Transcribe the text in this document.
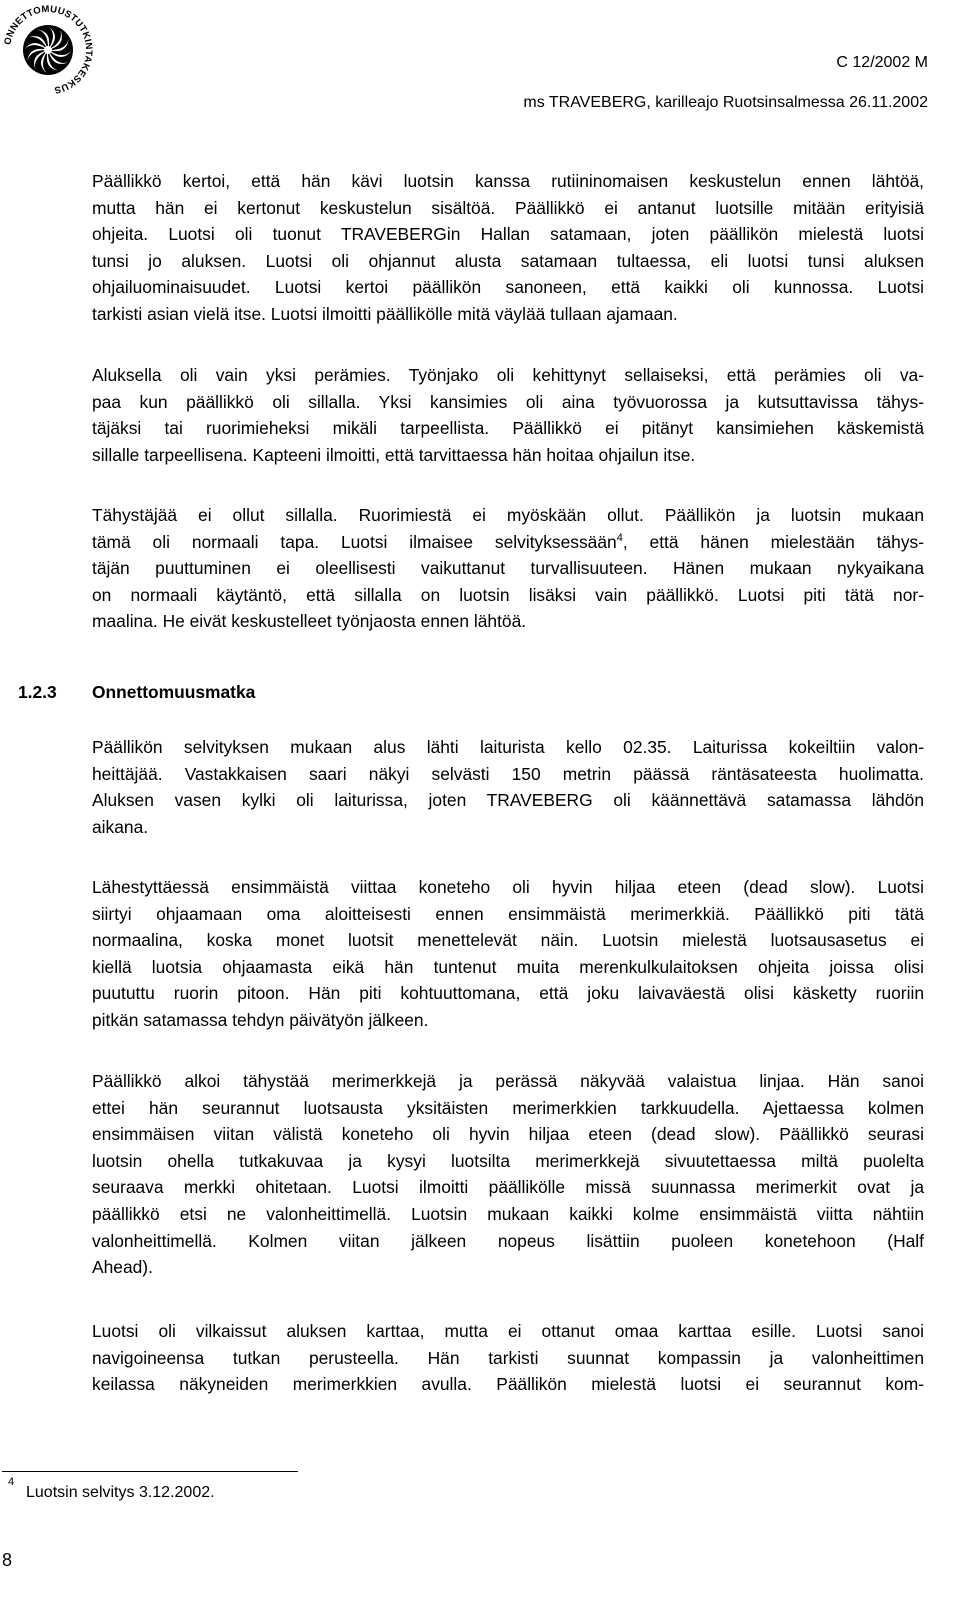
ONNETTOMUUSTUTKINTAKESKUS
C 12/2002 M
ms TRAVEBERG, karilleajo Ruotsinsalmessa 26.11.2002

Päällikkö kertoi, että hän kävi luotsin kanssa rutiininomaisen keskustelun ennen lähtöä,
mutta hän ei kertonut keskustelun sisältöä. Päällikkö ei antanut luotsille mitään erityisiä
ohjeita. Luotsi oli tuonut TRAVEBERGin Hallan satamaan, joten päällikön mielestä luotsi
tunsi jo aluksen. Luotsi oli ohjannut alusta satamaan tultaessa, eli luotsi tunsi aluksen
ohjailuominaisuudet. Luotsi kertoi päällikön sanoneen, että kaikki oli kunnossa. Luotsi
tarkisti asian vielä itse. Luotsi ilmoitti päällikölle mitä väylää tullaan ajamaan.

Aluksella oli vain yksi perämies. Työnjako oli kehittynyt sellaiseksi, että perämies oli va-
paa kun päällikkö oli sillalla. Yksi kansimies oli aina työvuorossa ja kutsuttavissa tähys-
täjäksi tai ruorimieheksi mikäli tarpeellista. Päällikkö ei pitänyt kansimiehen käskemistä
sillalle tarpeellisena. Kapteeni ilmoitti, että tarvittaessa hän hoitaa ohjailun itse.

Tähystäjää ei ollut sillalla. Ruorimiestä ei myöskään ollut. Päällikön ja luotsin mukaan
tämä oli normaali tapa. Luotsi ilmaisee selvityksessään$^4$, että hänen mielestään tähys-
täjän puuttuminen ei oleellisesti vaikuttanut turvallisuuteen. Hänen mukaan nykyaikana
on normaali käytäntö, että sillalla on luotsin lisäksi vain päällikkö. Luotsi piti tätä nor-
maalina. He eivät keskustelleet työnjaosta ennen lähtöä.

1.2.3 Onnettomuusmatka

Päällikön selvityksen mukaan alus lähti laiturista kello 02.35. Laiturissa kokeiltiin valon-
heittäjää. Vastakkaisen saari näkyi selvästi 150 metrin päässä räntäsateesta huolimatta.
Aluksen vasen kylki oli laiturissa, joten TRAVEBERG oli käännettävä satamassa lähdön
aikana.

Lähestyttäessä ensimmäistä viittaa koneteho oli hyvin hiljaa eteen (dead slow). Luotsi
siirtyi ohjaamaan oma aloitteisesti ennen ensimmäistä merimerkkiä. Päällikkö piti tätä
normaalina, koska monet luotsit menettelevät näin. Luotsin mielestä luotsausasetus ei
kiellä luotsia ohjaamasta eikä hän tuntenut muita merenkulkulaitoksen ohjeita joissa olisi
puututtu ruorin pitoon. Hän piti kohtuuttomana, että joku laivaväestä olisi käsketty ruoriin
pitkän satamassa tehdyn päivätyön jälkeen.

Päällikkö alkoi tähystää merimerkkejä ja perässä näkyvää valaistua linjaa. Hän sanoi
ettei hän seurannut luotsausta yksitäisten merimerkkien tarkkuudella. Ajettaessa kolmen
ensimmäisen viitan välistä koneteho oli hyvin hiljaa eteen (dead slow). Päällikkö seurasi
luotsin ohella tutkakuvaa ja kysyi luotsilta merimerkkejä sivuutettaessa miltä puolelta
seuraava merkki ohitetaan. Luotsi ilmoitti päällikölle missä suunnassa merimerkit ovat ja
päällikkö etsi ne valonheittimellä. Luotsin mukaan kaikki kolme ensimmäistä viitta nähtiin
valonheittimellä. Kolmen viitan jälkeen nopeus lisättiin puoleen konetehoon (Half
Ahead).

Luotsi oli vilkaissut aluksen karttaa, mutta ei ottanut omaa karttaa esille. Luotsi sanoi
navigoineensa tutkan perusteella. Hän tarkisti suunnat kompassin ja valonheittimen
keilassa näkyneiden merimerkkien avulla. Päällikön mielestä luotsi ei seurannut kom-

4
Luotsin selvitys 3.12.2002.
8
